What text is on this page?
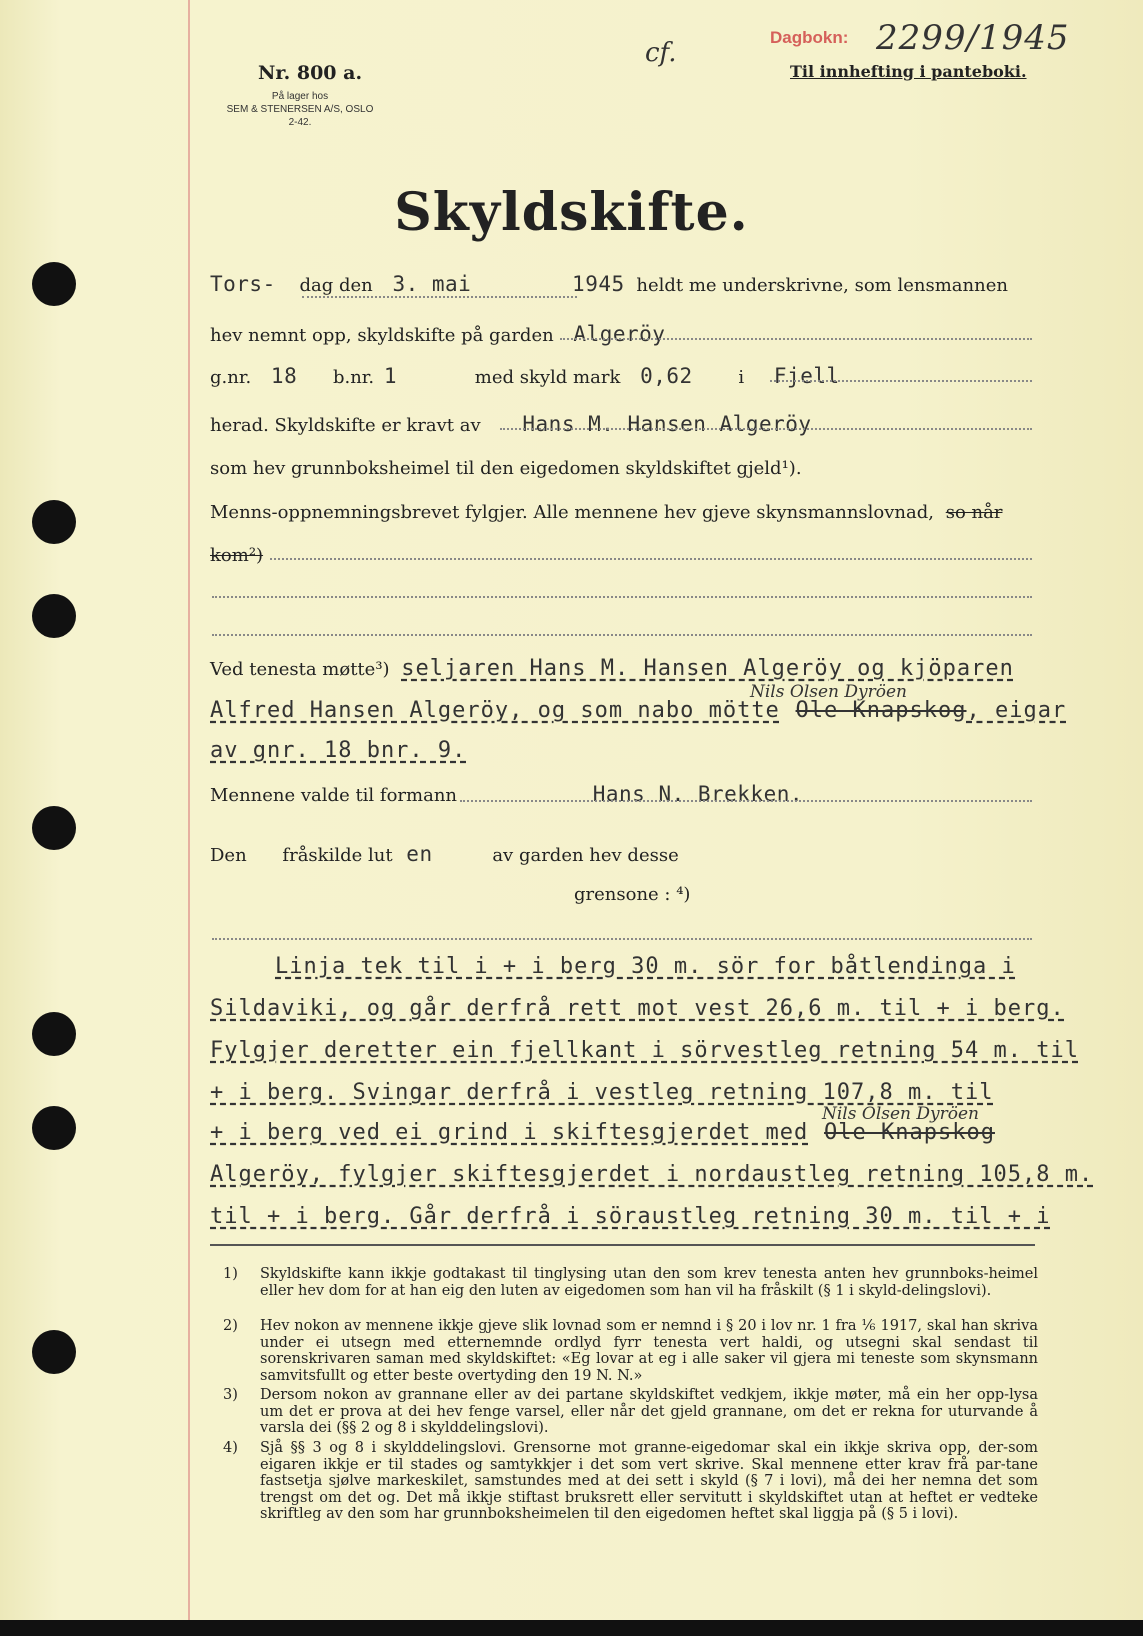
Nr. 800 a.
På lager hos
SEM & STENERSEN A/S, OSLO
2-42.
cf.
Dagbokn: 2299/1945
Til innhefting i panteboki.
Skyldskifte.
Tors- dag den 3. mai	1945 heldt me underskrivne, som lensmannen
hev nemnt opp, skyldskifte på garden Algeröy
g.nr. 18 b.nr. 1	med skyld mark 0,62	i Fjell
herad. Skyldskifte er kravt av Hans M. Hansen Algeröy
som hev grunnboksheimel til den eigedomen skyldskiftet gjeld¹).
Menns-oppnemningsbrevet fylgjer. Alle mennene hev gjeve skynsmannslovnad, so når
kom²)
Ved tenesta møtte³) seljaren Hans M. Hansen Algeröy og kjöparen
Nils Olsen Dyröen
Alfred Hansen Algeröy, og som nabo mötte Ole Knapskog, eigar
av gnr. 18 bnr. 9.
Mennene valde til formann	Hans N. Brekken.
Den fråskilde lut en	av garden hev desse
grensone : ⁴)
Linja tek til i + i berg 30 m. sör for båtlendinga i
Sildaviki, og går derfrå rett mot vest 26,6 m. til + i berg.
Fylgjer deretter ein fjellkant i sörvestleg retning 54 m. til
+ i berg. Svingar derfrå i vestleg retning 107,8 m. til
Nils Olsen Dyröen
+ i berg ved ei grind i skiftesgjerdet med Ole Knapskog
Algeröy, fylgjer skiftesgjerdet i nordaustleg retning 105,8 m.
til + i berg. Går derfrå i söraustleg retning 30 m. til + i
1)	Skyldskifte kann ikkje godtakast til tinglysing utan den som krev tenesta anten hev grunnboks-heimel eller hev dom for at han eig den luten av eigedomen som han vil ha fråskilt (§ 1 i skyld-delingslovi).
2)	Hev nokon av mennene ikkje gjeve slik lovnad som er nemnd i § 20 i lov nr. 1 fra ⅙ 1917, skal han skriva under ei utsegn med etternemnde ordlyd fyrr tenesta vert haldi, og utsegni skal sendast til sorenskrivaren saman med skyldskiftet: «Eg lovar at eg i alle saker vil gjera mi teneste som skynsmann samvitsfullt og etter beste overtyding den 19 N. N.»
3)	Dersom nokon av grannane eller av dei partane skyldskiftet vedkjem, ikkje møter, må ein her opp-lysa um det er prova at dei hev fenge varsel, eller når det gjeld grannane, om det er rekna for uturvande å varsla dei (§§ 2 og 8 i skylddelingslovi).
4)	Sjå §§ 3 og 8 i skylddelingslovi. Grensorne mot granne-eigedomar skal ein ikkje skriva opp, der-som eigaren ikkje er til stades og samtykkjer i det som vert skrive. Skal mennene etter krav frå par-tane fastsetja sjølve markeskilet, samstundes med at dei sett i skyld (§ 7 i lovi), må dei her nemna det som trengst om det og. Det må ikkje stiftast bruksrett eller servitutt i skyldskiftet utan at heftet er vedteke skriftleg av den som har grunnboksheimelen til den eigedomen heftet skal liggja på (§ 5 i lovi).
